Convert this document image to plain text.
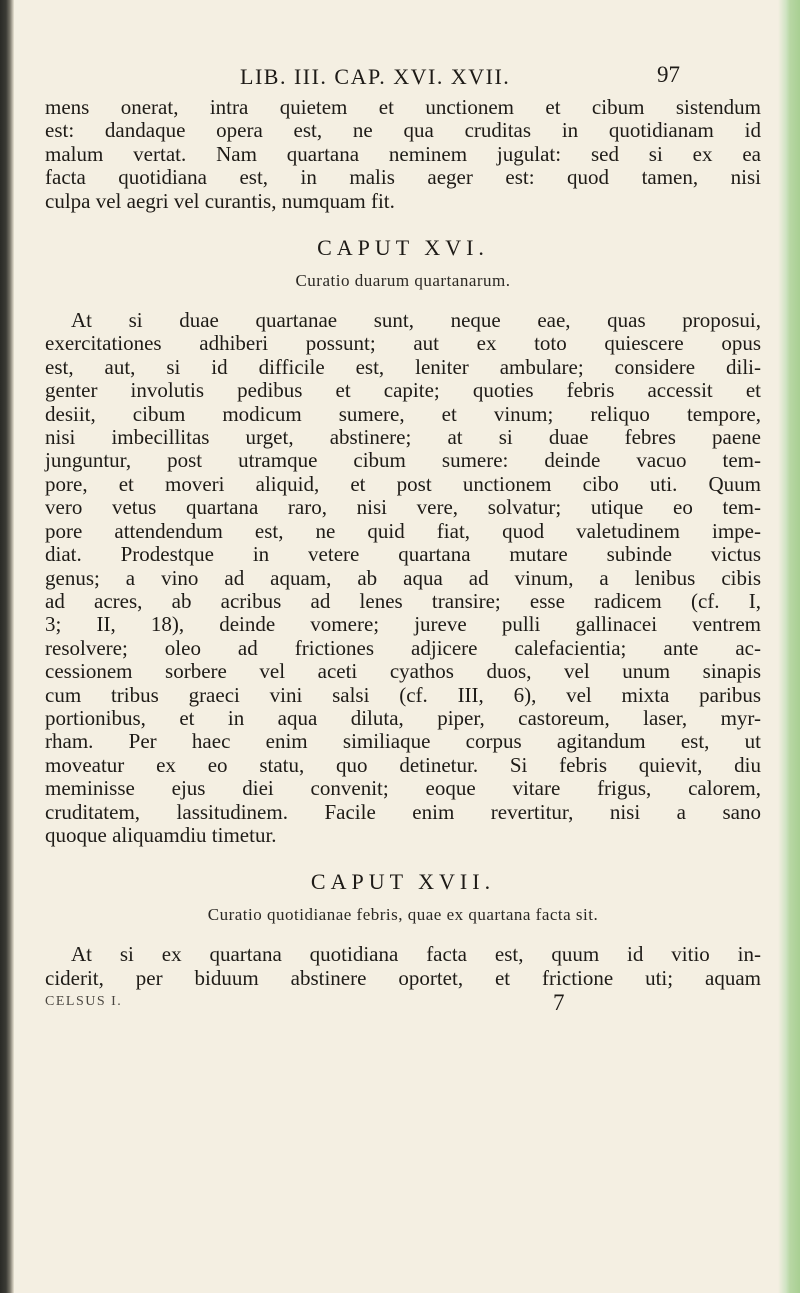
LIB. III. CAP. XVI. XVII.	97

mens onerat, intra quietem et unctionem et cibum sistendum
est: dandaque opera est, ne qua cruditas in quotidianam id
malum vertat. Nam quartana neminem jugulat: sed si ex ea
facta quotidiana est, in malis aeger est: quod tamen, nisi
culpa vel aegri vel curantis, numquam fit.

CAPUT XVI.
Curatio duarum quartanarum.

At si duae quartanae sunt, neque eae, quas proposui,
exercitationes adhiberi possunt; aut ex toto quiescere opus
est, aut, si id difficile est, leniter ambulare; considere dili-
genter involutis pedibus et capite; quoties febris accessit et
desiit, cibum modicum sumere, et vinum; reliquo tempore,
nisi imbecillitas urget, abstinere; at si duae febres paene
junguntur, post utramque cibum sumere: deinde vacuo tem-
pore, et moveri aliquid, et post unctionem cibo uti. Quum
vero vetus quartana raro, nisi vere, solvatur; utique eo tem-
pore attendendum est, ne quid fiat, quod valetudinem impe-
diat. Prodestque in vetere quartana mutare subinde victus
genus; a vino ad aquam, ab aqua ad vinum, a lenibus cibis
ad acres, ab acribus ad lenes transire; esse radicem (cf. I,
3; II, 18), deinde vomere; jureve pulli gallinacei ventrem
resolvere; oleo ad frictiones adjicere calefacientia; ante ac-
cessionem sorbere vel aceti cyathos duos, vel unum sinapis
cum tribus graeci vini salsi (cf. III, 6), vel mixta paribus
portionibus, et in aqua diluta, piper, castoreum, laser, myr-
rham. Per haec enim similiaque corpus agitandum est, ut
moveatur ex eo statu, quo detinetur. Si febris quievit, diu
meminisse ejus diei convenit; eoque vitare frigus, calorem,
cruditatem, lassitudinem. Facile enim revertitur, nisi a sano
quoque aliquamdiu timetur.

CAPUT XVII.
Curatio quotidianae febris, quae ex quartana facta sit.

At si ex quartana quotidiana facta est, quum id vitio in-
ciderit, per biduum abstinere oportet, et frictione uti; aquam

CELSUS I.	7
